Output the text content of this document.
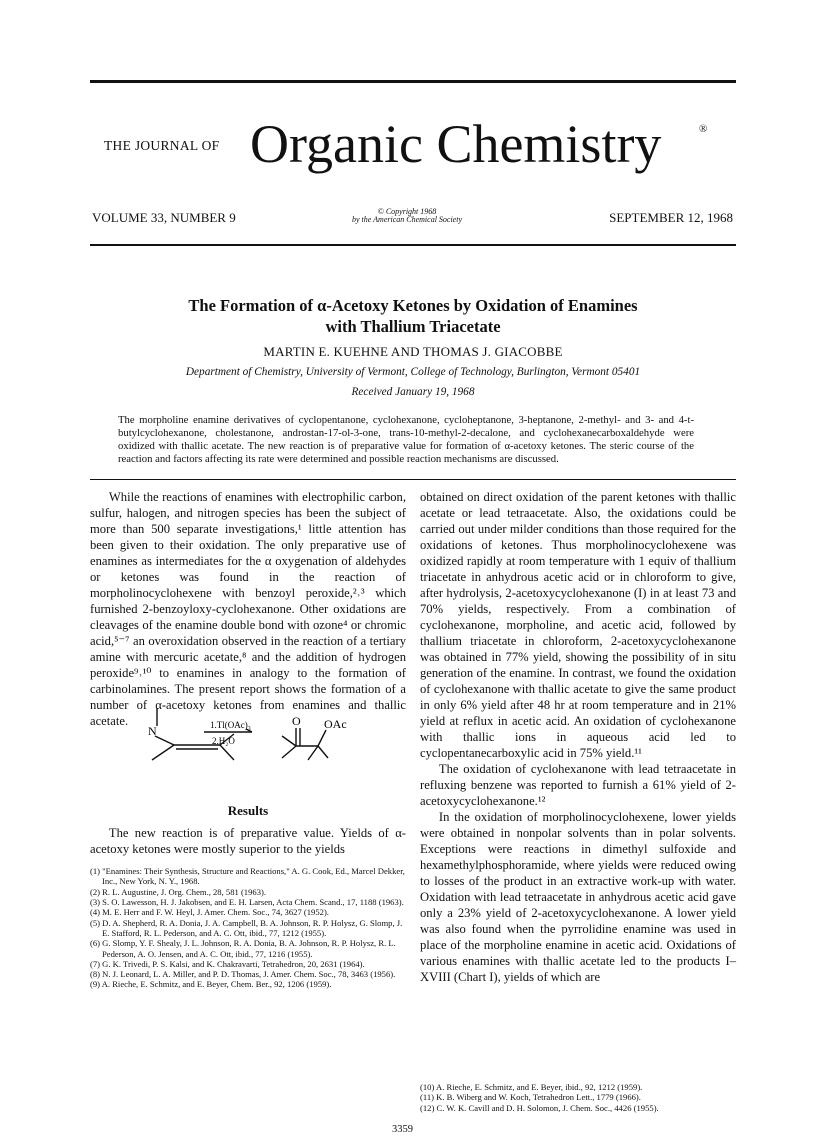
THE JOURNAL OF Organic Chemistry	®
VOLUME 33, NUMBER 9	© Copyright 1968
by the American Chemical Society	SEPTEMBER 12, 1968
The Formation of α-Acetoxy Ketones by Oxidation of Enamines
with Thallium Triacetate
MARTIN E. KUEHNE AND THOMAS J. GIACOBBE
Department of Chemistry, University of Vermont, College of Technology, Burlington, Vermont 05401
Received January 19, 1968
The morpholine enamine derivatives of cyclopentanone, cyclohexanone, cycloheptanone, 3-heptanone, 2-methyl- and 3- and 4-t-butylcyclohexanone, cholestanone, androstan-17-ol-3-one, trans-10-methyl-2-decalone, and cyclohexanecarboxaldehyde were oxidized with thallic acetate. The new reaction is of preparative value for formation of α-acetoxy ketones. The steric course of the reaction and factors affecting its rate were determined and possible reaction mechanisms are discussed.

While the reactions of enamines with electrophilic carbon, sulfur, halogen, and nitrogen species has been the subject of more than 500 separate investigations,¹ little attention has been given to their oxidation. The only preparative use of enamines as intermediates for the α oxygenation of aldehydes or ketones was found in the reaction of morpholinocyclohexene with benzoyl peroxide,²˒³ which furnished 2-benzoyloxy-cyclohexanone. Other oxidations are cleavages of the enamine double bond with ozone⁴ or chromic acid,⁵⁻⁷ an overoxidation observed in the reaction of a tertiary amine with mercuric acetate,⁸ and the addition of hydrogen peroxide⁹˒¹⁰ to enamines in analogy to the formation of carbinolamines. The present report shows the formation of a number of α-acetoxy ketones from enamines and thallic acetate.

N	1.Tl(OAc)₃
2.H₂O
O OAc
Results

The new reaction is of preparative value. Yields of α-acetoxy ketones were mostly superior to the yields

(1) "Enamines: Their Synthesis, Structure and Reactions," A. G. Cook, Ed., Marcel Dekker, Inc., New York, N. Y., 1968.
(2) R. L. Augustine, J. Org. Chem., 28, 581 (1963).
(3) S. O. Lawesson, H. J. Jakobsen, and E. H. Larsen, Acta Chem. Scand., 17, 1188 (1963).
(4) M. E. Herr and F. W. Heyl, J. Amer. Chem. Soc., 74, 3627 (1952).
(5) D. A. Shepherd, R. A. Donia, J. A. Campbell, B. A. Johnson, R. P. Holysz, G. Slomp, J. E. Stafford, R. L. Pederson, and A. C. Ott, ibid., 77, 1212 (1955).
(6) G. Slomp, Y. F. Shealy, J. L. Johnson, R. A. Donia, B. A. Johnson, R. P. Holysz, R. L. Pederson, A. O. Jensen, and A. C. Ott, ibid., 77, 1216 (1955).
(7) G. K. Trivedi, P. S. Kalsi, and K. Chakravarti, Tetrahedron, 20, 2631 (1964).
(8) N. J. Leonard, L. A. Miller, and P. D. Thomas, J. Amer. Chem. Soc., 78, 3463 (1956).
(9) A. Rieche, E. Schmitz, and E. Beyer, Chem. Ber., 92, 1206 (1959).

obtained on direct oxidation of the parent ketones with thallic acetate or lead tetraacetate. Also, the oxidations could be carried out under milder conditions than those required for the oxidations of ketones. Thus morpholinocyclohexene was oxidized rapidly at room temperature with 1 equiv of thallium triacetate in anhydrous acetic acid or in chloroform to give, after hydrolysis, 2-acetoxycyclohexanone (I) in at least 73 and 70% yields, respectively. From a combination of cyclohexanone, morpholine, and acetic acid, followed by thallium triacetate in chloroform, 2-acetoxycyclohexanone was obtained in 77% yield, showing the possibility of in situ generation of the enamine. In contrast, we found the oxidation of cyclohexanone with thallic acetate to give the same product in only 6% yield after 48 hr at room temperature and in 21% yield at reflux in acetic acid. An oxidation of cyclohexanone with thallic ions in aqueous acid led to cyclopentanecarboxylic acid in 75% yield.¹¹

The oxidation of cyclohexanone with lead tetraacetate in refluxing benzene was reported to furnish a 61% yield of 2-acetoxycyclohexanone.¹²

In the oxidation of morpholinocyclohexene, lower yields were obtained in nonpolar solvents than in polar solvents. Exceptions were reactions in dimethyl sulfoxide and hexamethylphosphoramide, where yields were reduced owing to losses of the product in an extractive work-up with water. Oxidation with lead tetraacetate in anhydrous acetic acid gave only a 23% yield of 2-acetoxycyclohexanone. A lower yield was also found when the pyrrolidine enamine was used in place of the morpholine enamine in acetic acid. Oxidations of various enamines with thallic acetate led to the products I–XVIII (Chart I), yields of which are

(10) A. Rieche, E. Schmitz, and E. Beyer, ibid., 92, 1212 (1959).
(11) K. B. Wiberg and W. Koch, Tetrahedron Lett., 1779 (1966).
(12) C. W. K. Cavill and D. H. Solomon, J. Chem. Soc., 4426 (1955).
3359
